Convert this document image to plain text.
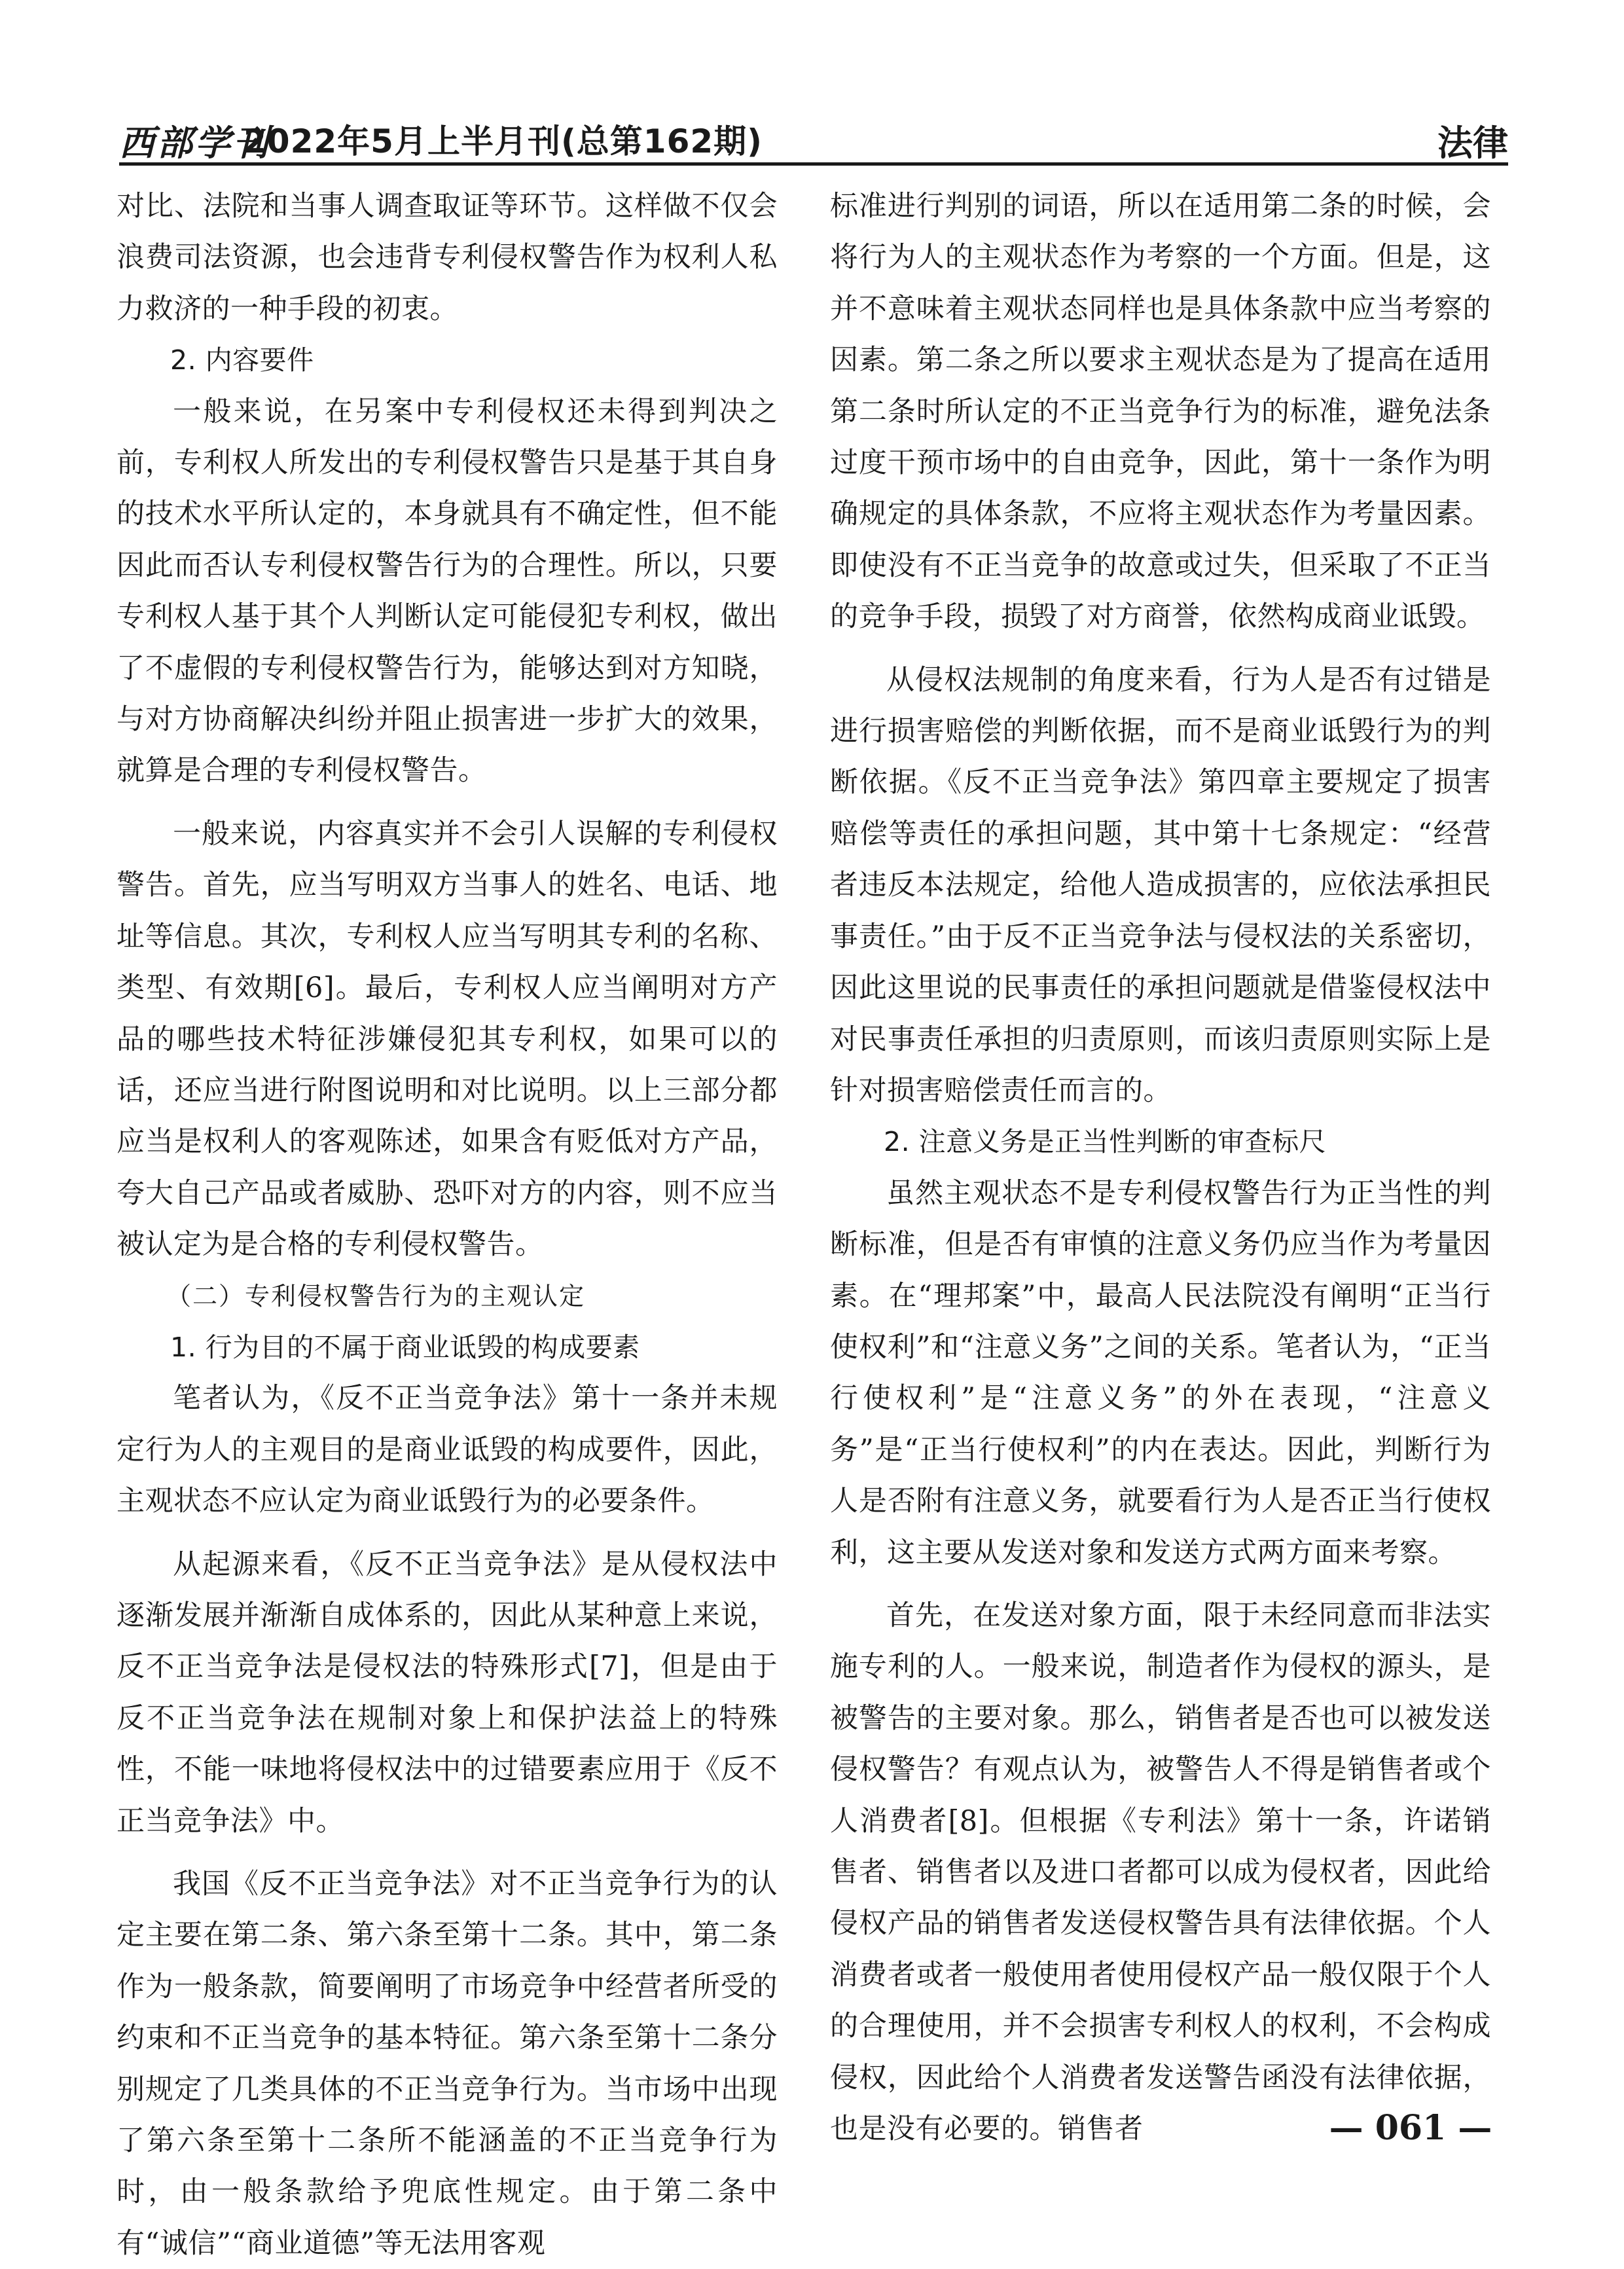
西部学刊
2022年5月上半月刊(总第162期)	法律

对比、法院和当事人调查取证等环节。这样做不仅会浪费司法资源，也会违背专利侵权警告作为权利人私力救济的一种手段的初衷。

2. 内容要件

一般来说，在另案中专利侵权还未得到判决之前，专利权人所发出的专利侵权警告只是基于其自身的技术水平所认定的，本身就具有不确定性，但不能因此而否认专利侵权警告行为的合理性。所以，只要专利权人基于其个人判断认定可能侵犯专利权，做出了不虚假的专利侵权警告行为，能够达到对方知晓，与对方协商解决纠纷并阻止损害进一步扩大的效果，就算是合理的专利侵权警告。

一般来说，内容真实并不会引人误解的专利侵权警告。首先，应当写明双方当事人的姓名、电话、地址等信息。其次，专利权人应当写明其专利的名称、类型、有效期[6]。最后，专利权人应当阐明对方产品的哪些技术特征涉嫌侵犯其专利权，如果可以的话，还应当进行附图说明和对比说明。以上三部分都应当是权利人的客观陈述，如果含有贬低对方产品，夸大自己产品或者威胁、恐吓对方的内容，则不应当被认定为是合格的专利侵权警告。

（二）专利侵权警告行为的主观认定

1. 行为目的不属于商业诋毁的构成要素

笔者认为，《反不正当竞争法》第十一条并未规定行为人的主观目的是商业诋毁的构成要件，因此，主观状态不应认定为商业诋毁行为的必要条件。

从起源来看，《反不正当竞争法》是从侵权法中逐渐发展并渐渐自成体系的，因此从某种意上来说，反不正当竞争法是侵权法的特殊形式[7]，但是由于反不正当竞争法在规制对象上和保护法益上的特殊性，不能一味地将侵权法中的过错要素应用于《反不正当竞争法》中。

我国《反不正当竞争法》对不正当竞争行为的认定主要在第二条、第六条至第十二条。其中，第二条作为一般条款，简要阐明了市场竞争中经营者所受的约束和不正当竞争的基本特征。第六条至第十二条分别规定了几类具体的不正当竞争行为。当市场中出现了第六条至第十二条所不能涵盖的不正当竞争行为时，由一般条款给予兜底性规定。由于第二条中有“诚信”“商业道德”等无法用客观

标准进行判别的词语，所以在适用第二条的时候，会将行为人的主观状态作为考察的一个方面。但是，这并不意味着主观状态同样也是具体条款中应当考察的因素。第二条之所以要求主观状态是为了提高在适用第二条时所认定的不正当竞争行为的标准，避免法条过度干预市场中的自由竞争，因此，第十一条作为明确规定的具体条款，不应将主观状态作为考量因素。即使没有不正当竞争的故意或过失，但采取了不正当的竞争手段，损毁了对方商誉，依然构成商业诋毁。

从侵权法规制的角度来看，行为人是否有过错是进行损害赔偿的判断依据，而不是商业诋毁行为的判断依据。《反不正当竞争法》第四章主要规定了损害赔偿等责任的承担问题，其中第十七条规定：“经营者违反本法规定，给他人造成损害的，应依法承担民事责任。”由于反不正当竞争法与侵权法的关系密切，因此这里说的民事责任的承担问题就是借鉴侵权法中对民事责任承担的归责原则，而该归责原则实际上是针对损害赔偿责任而言的。

2. 注意义务是正当性判断的审查标尺

虽然主观状态不是专利侵权警告行为正当性的判断标准，但是否有审慎的注意义务仍应当作为考量因素。在“理邦案”中，最高人民法院没有阐明“正当行使权利”和“注意义务”之间的关系。笔者认为，“正当行使权利”是“注意义务”的外在表现，“注意义务”是“正当行使权利”的内在表达。因此，判断行为人是否附有注意义务，就要看行为人是否正当行使权利，这主要从发送对象和发送方式两方面来考察。

首先，在发送对象方面，限于未经同意而非法实施专利的人。一般来说，制造者作为侵权的源头，是被警告的主要对象。那么，销售者是否也可以被发送侵权警告？有观点认为，被警告人不得是销售者或个人消费者[8]。但根据《专利法》第十一条，许诺销售者、销售者以及进口者都可以成为侵权者，因此给侵权产品的销售者发送侵权警告具有法律依据。个人消费者或者一般使用者使用侵权产品一般仅限于个人的合理使用，并不会损害专利权人的权利，不会构成侵权，因此给个人消费者发送警告函没有法律依据，也是没有必要的。销售者	— 061 —
